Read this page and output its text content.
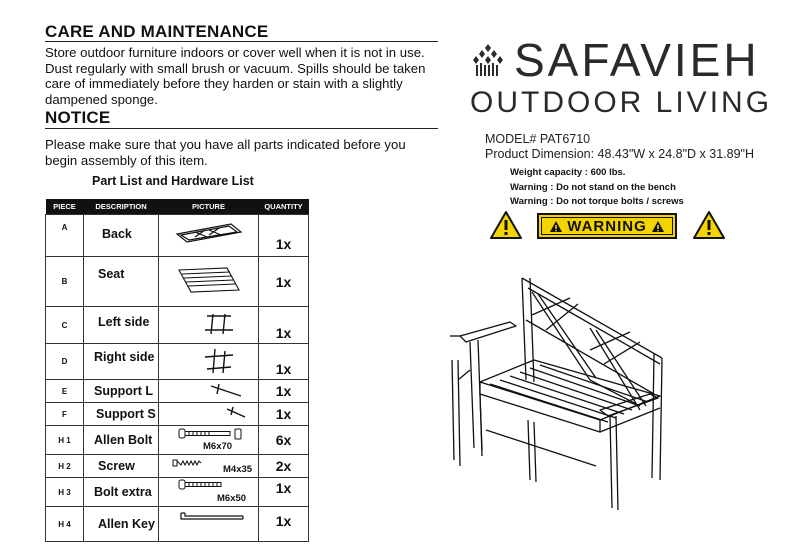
CARE AND MAINTENANCE
Store outdoor furniture indoors or cover well when it is not in use.
Dust regularly with small brush or vacuum. Spills should be taken
care of immediately before they harden or stain with a slightly
dampened sponge.
NOTICE
Please make sure that you have all parts indicated before you
begin assembly of this item.
Part List and Hardware List
PIECE	DESCRIPTION	PICTURE	QUANTITY
A	Back		1x
B	Seat		1x
C	Left side		1x
D	Right side		1x
E	Support L		1x
F	Support S		1x
H 1	Allen Bolt	M6x70	6x
H 2	Screw	M4x35	2x
H 3	Bolt extra	M6x50	1x
H 4	Allen Key		1x
SAFAVIEH
OUTDOOR LIVING
MODEL# PAT6710
Product Dimension: 48.43"W x 24.8"D x 31.89"H
Weight capacity : 600 lbs.
Warning : Do not stand on the bench
Warning : Do not torque bolts / screws
WARNING
